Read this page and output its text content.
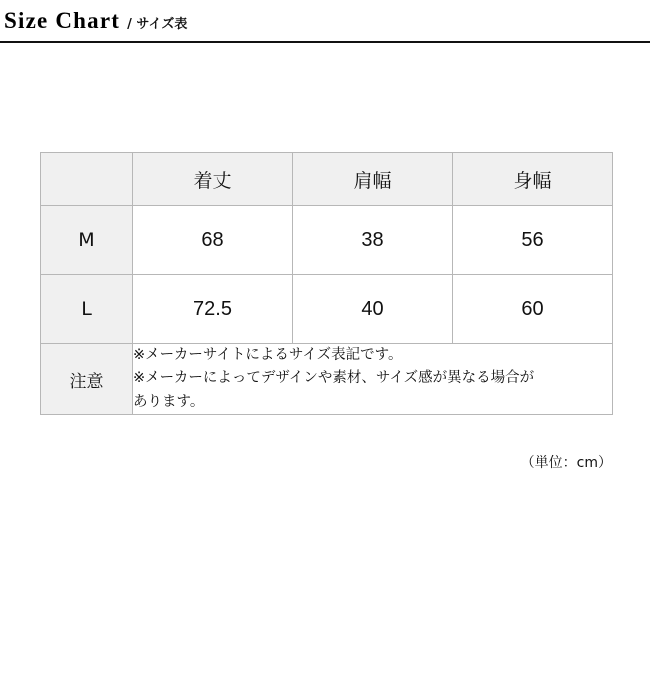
Size Chart / サイズ表
	着丈	肩幅	身幅
M	68	38	56
L	72.5	40	60
注意	※メーカーサイトによるサイズ表記です。
※メーカーによってデザインや素材、サイズ感が異なる場合が
あります。		
（単位：cm）
